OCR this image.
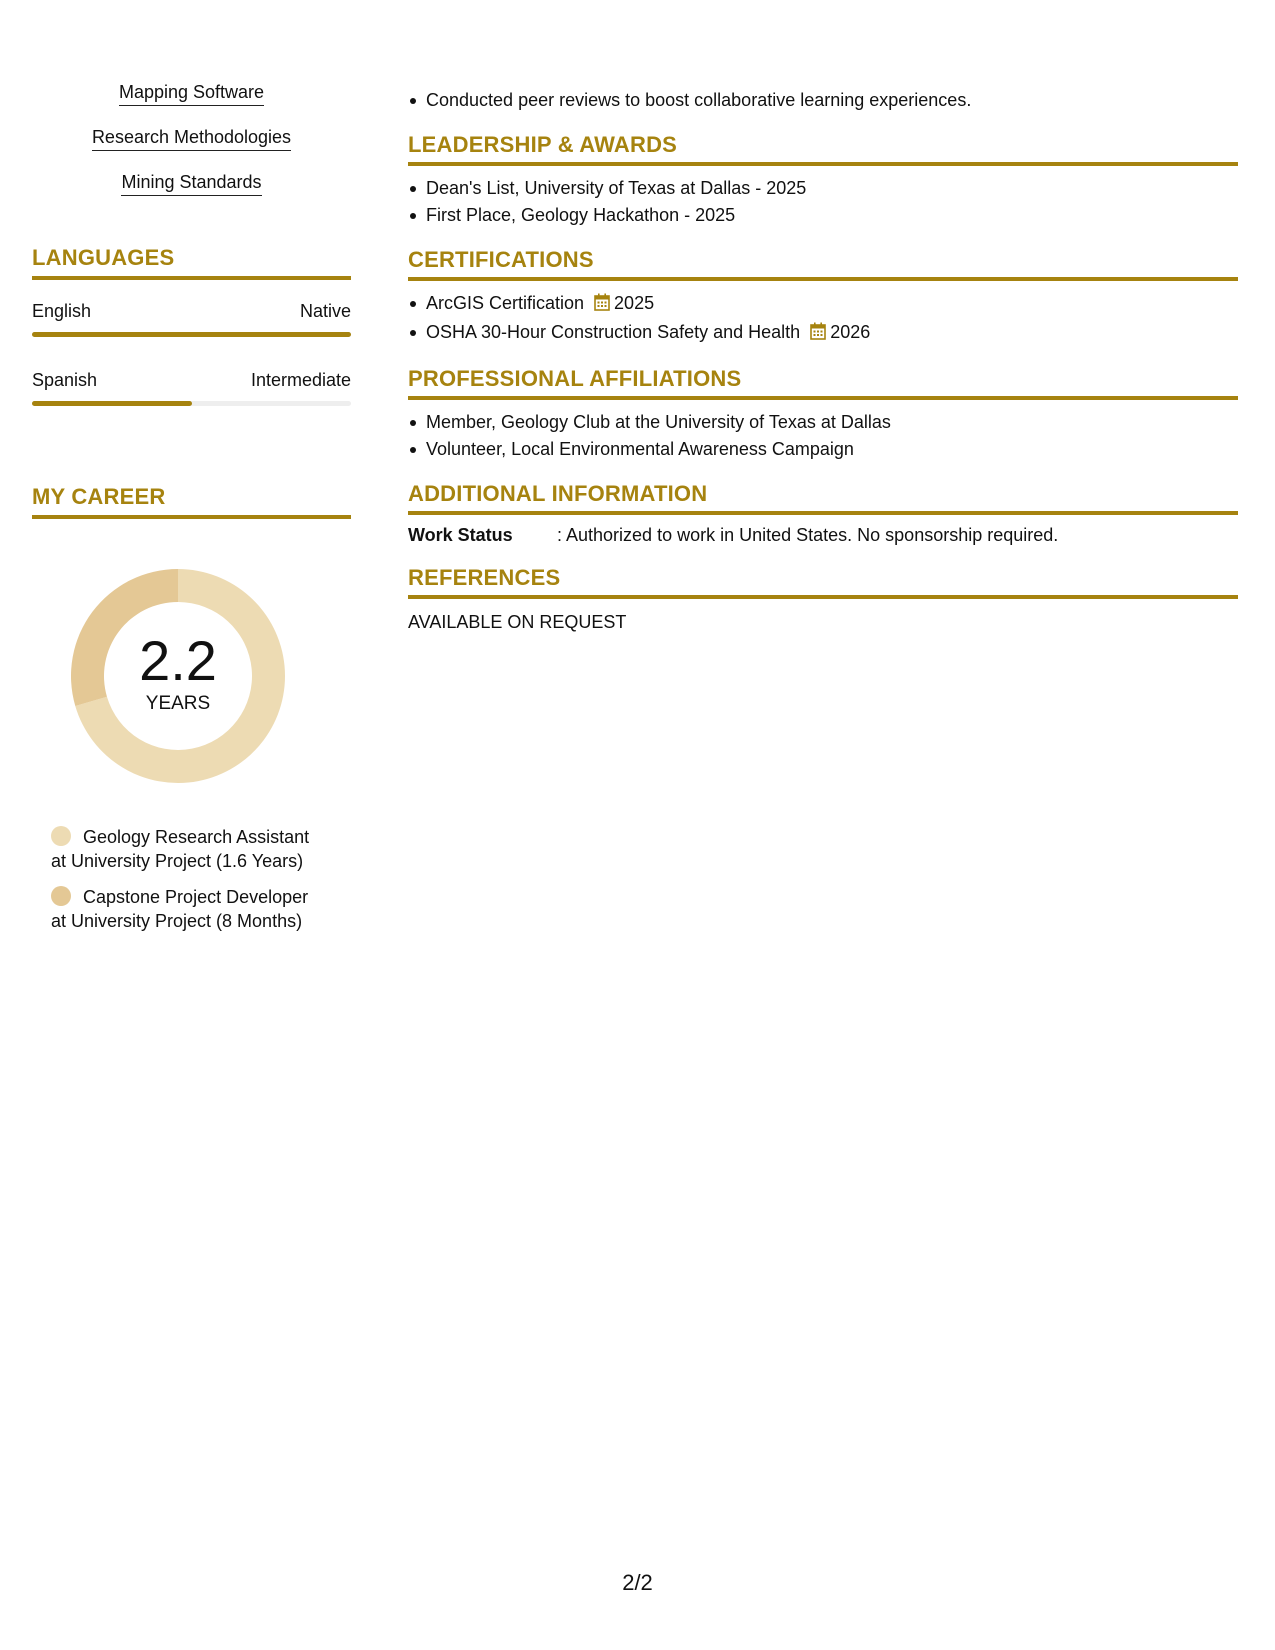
Mapping Software
Research Methodologies
Mining Standards
LANGUAGES
English	Native
Spanish	Intermediate
MY CAREER
2.2
YEARS
Geology Research Assistant
at University Project (1.6 Years)
Capstone Project Developer
at University Project (8 Months)
Conducted peer reviews to boost collaborative learning experiences.
LEADERSHIP & AWARDS
Dean's List, University of Texas at Dallas - 2025
First Place, Geology Hackathon - 2025
CERTIFICATIONS
ArcGIS Certification 2025
OSHA 30-Hour Construction Safety and Health 2026
PROFESSIONAL AFFILIATIONS
Member, Geology Club at the University of Texas at Dallas
Volunteer, Local Environmental Awareness Campaign
ADDITIONAL INFORMATION
Work Status	: Authorized to work in United States. No sponsorship required.
REFERENCES
AVAILABLE ON REQUEST
2/2
